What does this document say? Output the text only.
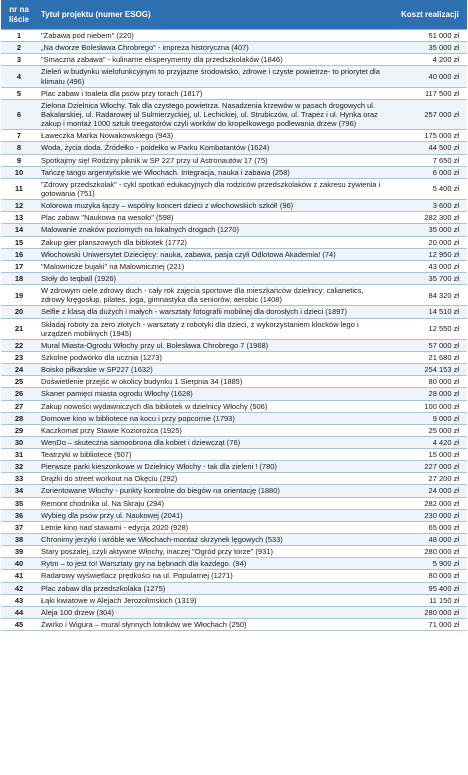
nr na liście	Tytuł projektu (numer ESOG)	Koszt realizacji
1	"Zabawa pod niebem" (220)	51 000 zł
2	„Na dworze Bolesława Chrobrego" - impreza historyczna (407)	35 000 zł
3	"Smaczna zabawa" - kulinarne eksperymenty dla przedszkolaków (1846)	4 200 zł
4	Zieleń w budynku wielofunkcyjnym to przyjazne środowisko, zdrowe i czyste powietrze- to priorytet dla klimatu (496)	40 000 zł
5	Plac zabaw i toaleta dla psów przy torach (1817)	117 500 zł
6	Zielona Dzielnica Włochy. Tak dla czystego powietrza. Nasadzenia krzewów w pasach drogowych ul. Bakalarskiej, ul. Radarowej ul Sulmierzyckiej, ul. Lechickiej, ul. Strubiczów, ul. Trapez i ul. Hynka oraz zakup i montaż 1000 sztuk treegatorów czyli worków do kropelkowego podlewania drzew (796)	257 000 zł
7	Ławeczka Marka Nowakowskiego (943)	175 000 zł
8	Woda, życia doda. Źródełko - poidełko w Parku Kombatantów (1624)	44 500 zł
9	Spotkajmy się! Rodziny piknik w SP 227 przy ul Astronautów 17 (75)	7 650 zł
10	Tańczę tango argentyńskie we Włochach. Integracja, nauka i zabawa (258)	6 000 zł
11	"Zdrowy przedszkolak" - cykl spotkań edukacyjnych dla rodziców przedszkolaków z zakresu żywienia i gotowania (751)	5 400 zł
12	Kolorowa muzyka łączy – wspólny koncert dzieci z włochowskich szkół! (96)	3 600 zł
13	Plac zabaw "Naukowa na wesoło" (598)	282 300 zł
14	Malowanie znaków poziomych na lokalnych drogach (1270)	35 000 zł
15	Zakup gier planszowych dla bibliotek (1772)	20 000 zł
16	Włochowski Uniwersytet Dziecięcy: nauka, zabawa, pasja czyli Odlotowa Akademia! (74)	12 950 zł
17	"Malownicze bujaki" na Malownicznej (221)	43 000 zł
18	Stoły do teqball (1926)	35 700 zł
19	W zdrowym ciele zdrowy duch - cały rok zajęcia sportowe dla mieszkańców dzielnicy: calianetics, zdrowy kręgosłup, pilates, joga, gimnastyka dla seniorów, aerobic (1408)	84 320 zł
20	Selfie z klasą dla dużych i małych - warsztaty fotografii mobilnej dla dorosłych i dzieci (1897)	14 510 zł
21	Składaj roboty za zero złotych - warsztaty z robotyki dla dzieci, z wykorzystaniem klocków lego i urządzeń mobilnych (1945)	12 550 zł
22	Mural Miasta-Ogrodu Włochy przy ul. Bolesława Chrobrego 7 (1968)	57 000 zł
23	Szkolne podwórko dla ucznia (1273)	21 680 zł
24	Boisko piłkarskie w SP227 (1632)	254 153 zł
25	Doświetlenie przejść w okolicy budynku 1 Sierpnia 34 (1885)	80 000 zł
26	Skaner pamięci miasta ogrodu Włochy (1628)	28 000 zł
27	Zakup nowości wydawniczych dla bibliotek w dzielnicy Włochy (506)	100 000 zł
28	Domowe kino w bibliotece na kocu i przy popcornie (1793)	9 000 zł
29	Kaczkomat przy Stawie Koziorożca (1925)	25 000 zł
30	WenDo – skuteczna samoobrona dla kobiet i dziewcząt (76)	4 420 zł
31	Teatrzyki w bibliotece (507)	15 000 zł
32	Pierwsze parki kieszonkowe w Dzielnicy Włochy - tak dla zieleni ! (780)	227 000 zł
33	Drążki do street workout na Okęciu (292)	27 200 zł
34	Zorientowane Włochy - punkty kontrolne do biegów na orientację (1880)	24 000 zł
35	Remont chodnika ul. Na Skraju (294)	282 000 zł
36	Wybieg dla psów przy ul. Naukowej (2041)	230 000 zł
37	Letnie kino nad stawami - edycja 2020 (928)	65 000 zł
38	Chronimy jerzyki i wróble we Włochach-montaż skrzynek lęgowych (533)	48 000 zł
39	Stary poszalej, czyli aktywne Włochy, inaczej "Ogród przy torze" (931)	280 000 zł
40	Rytm – to jest to! Warsztaty gry na bębnach dla każdego. (94)	5 900 zł
41	Radarowy wyświetlacz prędkości na ul. Popularnej (1271)	80 000 zł
42	Plac zabaw dla przedszkolaka (1275)	95 400 zł
43	Łąki kwiatowe w Alejach Jerozolimskich (1319)	11 150 zł
44	Aleja 100 drzew (304)	280 000 zł
45	Żwirko i Wigura – mural słynnych lotników we Włochach (250)	71 000 zł
